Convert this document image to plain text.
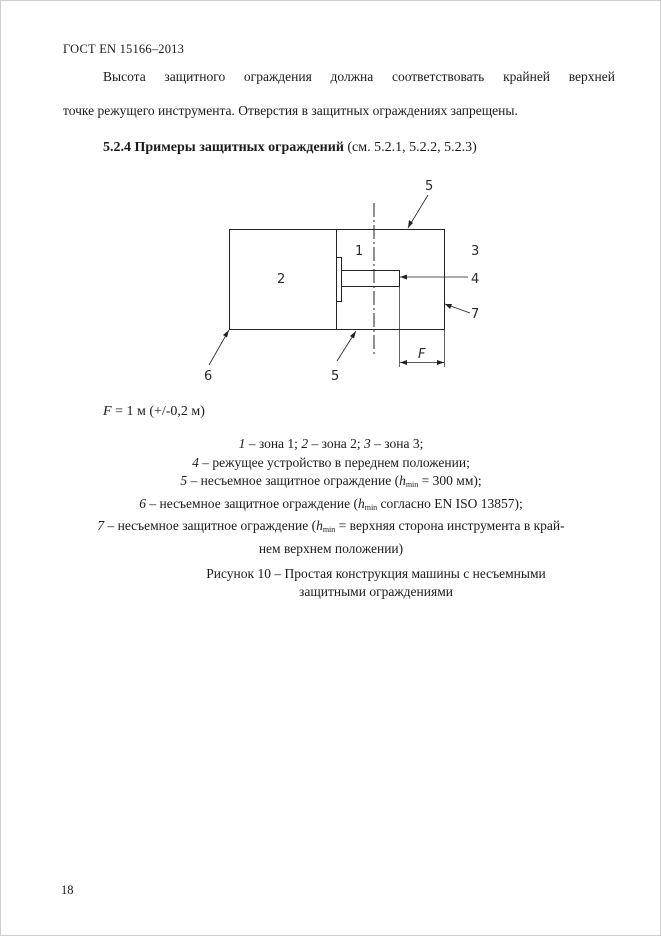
ГОСТ EN 15166–2013
Высота защитного ограждения должна соответствовать крайней верхней
точке режущего инструмента. Отверстия в защитных ограждениях запрещены.
5.2.4 Примеры защитных ограждений (см. 5.2.1, 5.2.2, 5.2.3)
2
1	3
4
5
7
5
6
F
F = 1 м (+/-0,2 м)
1 – зона 1; 2 – зона 2; 3 – зона 3;
4 – режущее устройство в переднем положении;
5 – несъемное защитное ограждение ($h_{min} = 300$ мм);
6 – несъемное защитное ограждение ($h_{min}$ согласно EN ISO 13857);
7 – несъемное защитное ограждение ($h_{min}$ = верхняя сторона инструмента в край-
нем верхнем положении)
Рисунок 10 – Простая конструкция машины с несъемными
защитными ограждениями
18
